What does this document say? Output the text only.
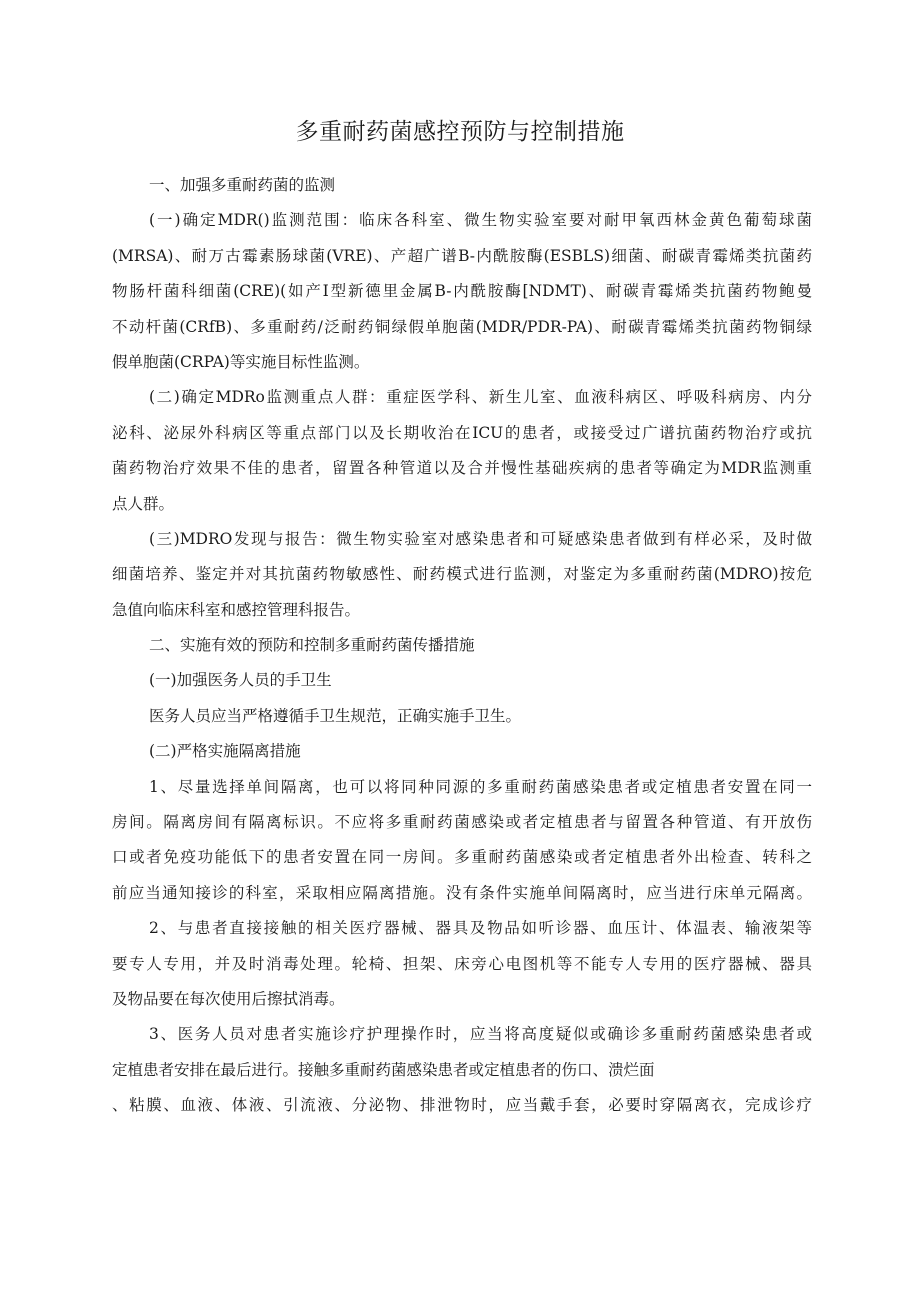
多重耐药菌感控预防与控制措施
一、加强多重耐药菌的监测
(一)确定MDR()监测范围：临床各科室、微生物实验室要对耐甲氧西林金黄色葡萄球菌
(MRSA)、耐万古霉素肠球菌(VRE)、产超广谱B-内酰胺酶(ESBLS)细菌、耐碳青霉烯类抗菌药
物肠杆菌科细菌(CRE)(如产Ⅰ型新德里金属B-内酰胺酶[NDMT)、耐碳青霉烯类抗菌药物鲍曼
不动杆菌(CRfB)、多重耐药/泛耐药铜绿假单胞菌(MDR/PDR-PA)、耐碳青霉烯类抗菌药物铜绿
假单胞菌(CRPA)等实施目标性监测。
(二)确定MDRo监测重点人群：重症医学科、新生儿室、血液科病区、呼吸科病房、内分
泌科、泌尿外科病区等重点部门以及长期收治在ICU的患者，或接受过广谱抗菌药物治疗或抗
菌药物治疗效果不佳的患者，留置各种管道以及合并慢性基础疾病的患者等确定为MDR监测重
点人群。
(三)MDRO发现与报告：微生物实验室对感染患者和可疑感染患者做到有样必采，及时做
细菌培养、鉴定并对其抗菌药物敏感性、耐药模式进行监测，对鉴定为多重耐药菌(MDRO)按危
急值向临床科室和感控管理科报告。
二、实施有效的预防和控制多重耐药菌传播措施
(一)加强医务人员的手卫生
医务人员应当严格遵循手卫生规范，正确实施手卫生。
(二)严格实施隔离措施
1、尽量选择单间隔离，也可以将同种同源的多重耐药菌感染患者或定植患者安置在同一
房间。隔离房间有隔离标识。不应将多重耐药菌感染或者定植患者与留置各种管道、有开放伤
口或者免疫功能低下的患者安置在同一房间。多重耐药菌感染或者定植患者外出检查、转科之
前应当通知接诊的科室，采取相应隔离措施。没有条件实施单间隔离时，应当进行床单元隔离。
2、与患者直接接触的相关医疗器械、器具及物品如听诊器、血压计、体温表、输液架等
要专人专用，并及时消毒处理。轮椅、担架、床旁心电图机等不能专人专用的医疗器械、器具
及物品要在每次使用后擦拭消毒。
3、医务人员对患者实施诊疗护理操作时，应当将高度疑似或确诊多重耐药菌感染患者或
定植患者安排在最后进行。接触多重耐药菌感染患者或定植患者的伤口、溃烂面
、粘膜、血液、体液、引流液、分泌物、排泄物时，应当戴手套，必要时穿隔离衣，完成诊疗
